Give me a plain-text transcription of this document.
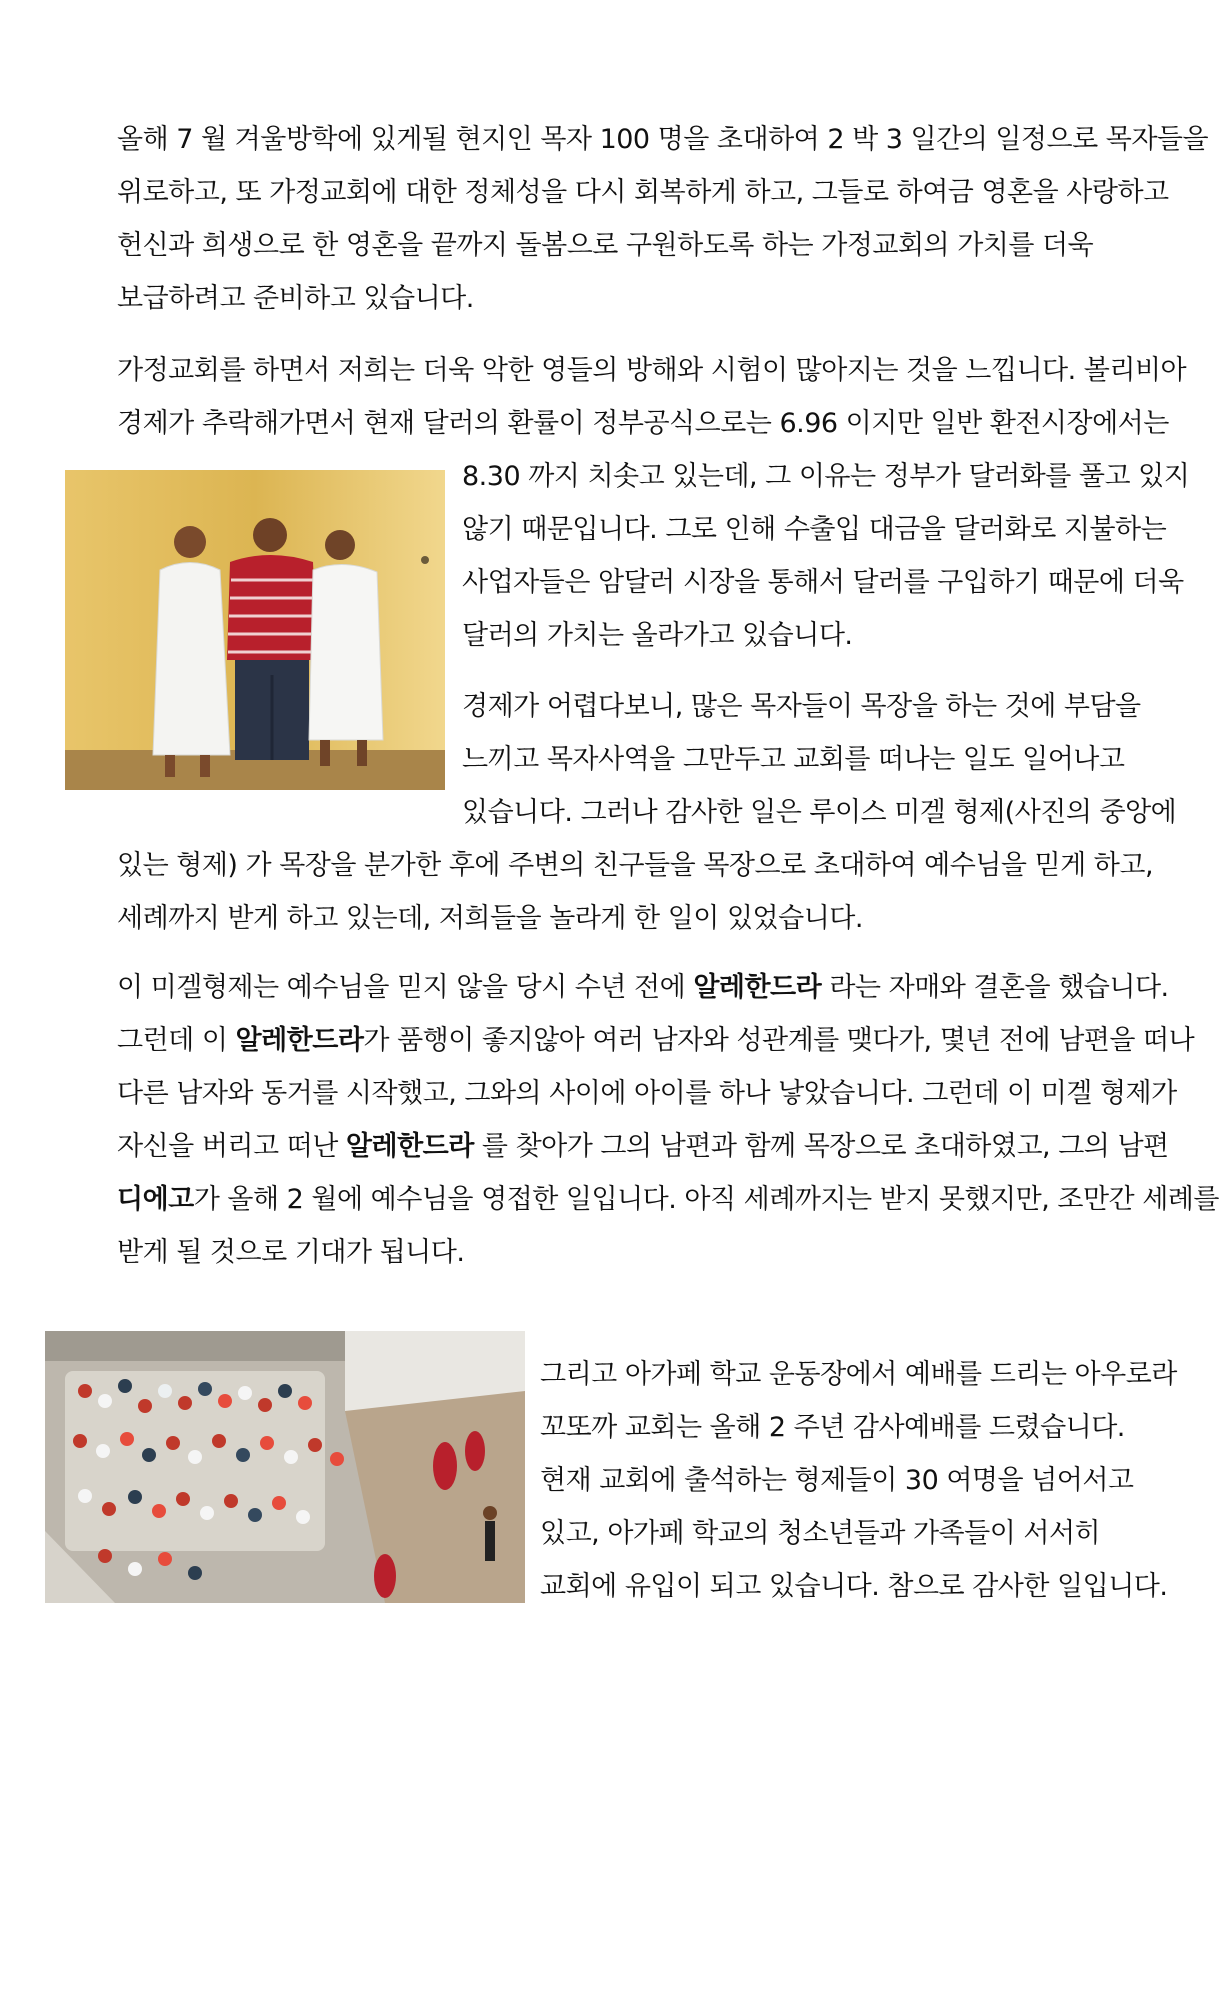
올해 7 월 겨울방학에 있게될 현지인 목자 100 명을 초대하여 2 박 3 일간의 일정으로 목자들을
위로하고, 또 가정교회에 대한 정체성을 다시 회복하게 하고, 그들로 하여금 영혼을 사랑하고
헌신과 희생으로 한 영혼을 끝까지 돌봄으로 구원하도록 하는 가정교회의 가치를 더욱
보급하려고 준비하고 있습니다.
가정교회를 하면서 저희는 더욱 악한 영들의 방해와 시험이 많아지는 것을 느낍니다. 볼리비아
경제가 추락해가면서 현재 달러의 환률이 정부공식으로는 6.96 이지만 일반 환전시장에서는
8.30 까지 치솟고 있는데, 그 이유는 정부가 달러화를 풀고 있지
않기 때문입니다. 그로 인해 수출입 대금을 달러화로 지불하는
사업자들은 암달러 시장을 통해서 달러를 구입하기 때문에 더욱
달러의 가치는 올라가고 있습니다.
경제가 어렵다보니, 많은 목자들이 목장을 하는 것에 부담을
느끼고 목자사역을 그만두고 교회를 떠나는 일도 일어나고
있습니다. 그러나 감사한 일은 루이스 미겔 형제(사진의 중앙에
있는 형제) 가 목장을 분가한 후에 주변의 친구들을 목장으로 초대하여 예수님을 믿게 하고,
세례까지 받게 하고 있는데, 저희들을 놀라게 한 일이 있었습니다.
이 미겔형제는 예수님을 믿지 않을 당시 수년 전에 알레한드라 라는 자매와 결혼을 했습니다.
그런데 이 알레한드라가 품행이 좋지않아 여러 남자와 성관계를 맺다가, 몇년 전에 남편을 떠나
다른 남자와 동거를 시작했고, 그와의 사이에 아이를 하나 낳았습니다. 그런데 이 미겔 형제가
자신을 버리고 떠난 알레한드라 를 찾아가 그의 남편과 함께 목장으로 초대하였고, 그의 남편
디에고가 올해 2 월에 예수님을 영접한 일입니다. 아직 세례까지는 받지 못했지만, 조만간 세례를
받게 될 것으로 기대가 됩니다.
그리고 아가페 학교 운동장에서 예배를 드리는 아우로라
꼬또까 교회는 올해 2 주년 감사예배를 드렸습니다.
현재 교회에 출석하는 형제들이 30 여명을 넘어서고
있고, 아가페 학교의 청소년들과 가족들이 서서히
교회에 유입이 되고 있습니다. 참으로 감사한 일입니다.
